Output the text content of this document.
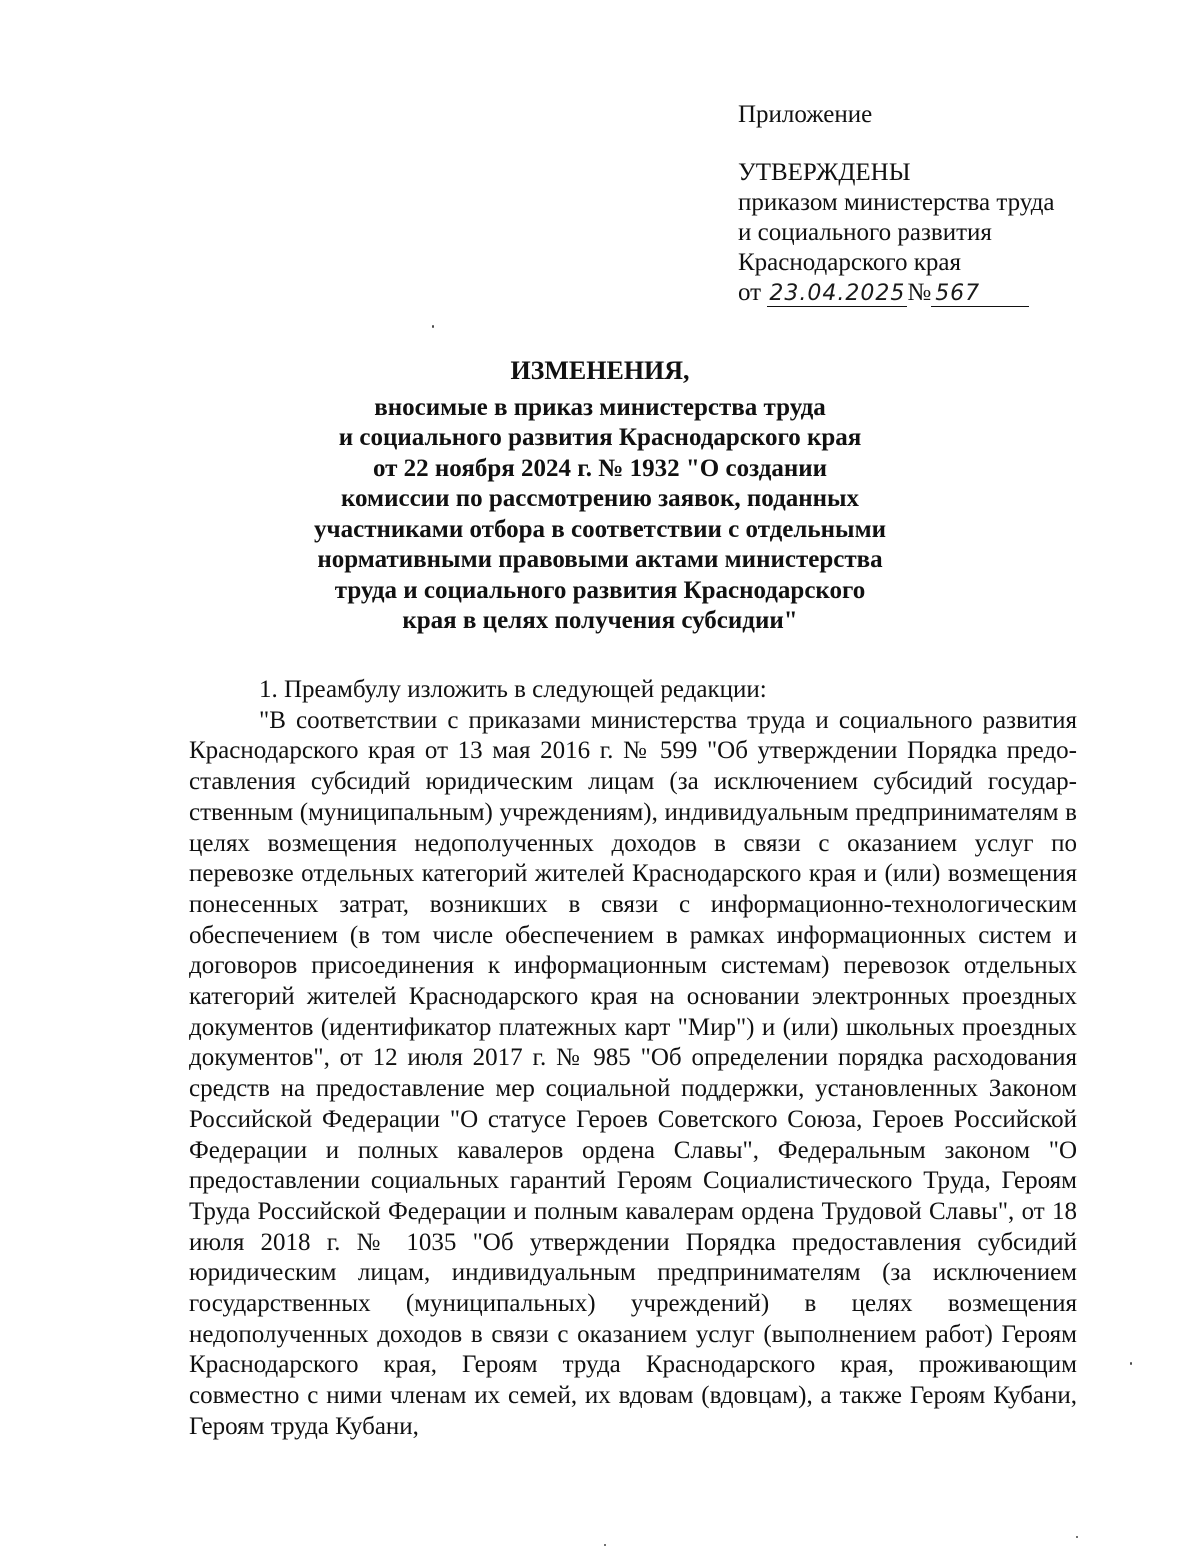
Приложение
УТВЕРЖДЕНЫ
приказом министерства труда
и социального развития
Краснодарского края
от 23.04.2025№ 567
ИЗМЕНЕНИЯ,
вносимые в приказ министерства труда
и социального развития Краснодарского края
от 22 ноября 2024 г. № 1932 "О создании
комиссии по рассмотрению заявок, поданных
участниками отбора в соответствии с отдельными
нормативными правовыми актами министерства
труда и социального развития Краснодарского
края в целях получения субсидии"

1. Преамбулу изложить в следующей редакции:

"В соответствии с приказами министерства труда и социального развития Краснодарского края от 13 мая 2016 г. № 599 "Об утверждении Порядка предоставления субсидий юридическим лицам (за исключением субсидий государственным (муниципальным) учреждениям), индивидуальным предпринимателям в целях возмещения недополученных доходов в связи с оказанием услуг по перевозке отдельных категорий жителей Краснодарского края и (или) возмещения понесенных затрат, возникших в связи с информационно-технологическим обеспечением (в том числе обеспечением в рамках информационных систем и договоров присоединения к информационным системам) перевозок отдельных категорий жителей Краснодарского края на основании электронных проездных документов (идентификатор платежных карт "Мир") и (или) школьных проездных документов", от 12 июля 2017 г. № 985 "Об определении порядка расходования средств на предоставление мер социальной поддержки, установленных Законом Российской Федерации "О статусе Героев Советского Союза, Героев Российской Федерации и полных кавалеров ордена Славы", Федеральным законом "О предоставлении социальных гарантий Героям Социалистического Труда, Героям Труда Российской Федерации и полным кавалерам ордена Трудовой Славы", от 18 июля 2018 г. № 1035 "Об утверждении Порядка предоставления субсидий юридическим лицам, индивидуальным предпринимателям (за исключением государственных (муниципальных) учреждений) в целях возмещения недополученных доходов в связи с оказанием услуг (выполнением работ) Героям Краснодарского края, Героям труда Краснодарского края, проживающим совместно с ними членам их семей, их вдовам (вдовцам), а также Героям Кубани, Героям труда Кубани,
